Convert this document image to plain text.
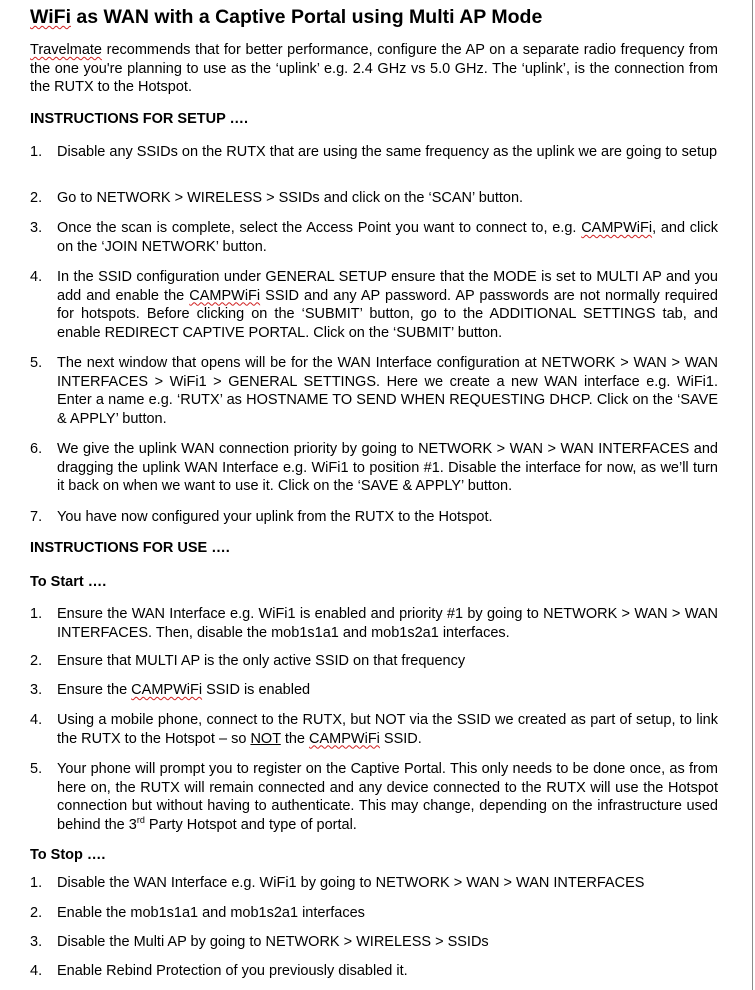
WiFi as WAN with a Captive Portal using Multi AP Mode

Travelmate recommends that for better performance, configure the AP on a separate radio frequency from the one you're planning to use as the ‘uplink’ e.g. 2.4 GHz vs 5.0 GHz. The ‘uplink’, is the connection from the RUTX to the Hotspot.

INSTRUCTIONS FOR SETUP ….
1. Disable any SSIDs on the RUTX that are using the same frequency as the uplink we are going to setup
2. Go to NETWORK > WIRELESS > SSIDs and click on the ‘SCAN’ button.
3. Once the scan is complete, select the Access Point you want to connect to, e.g. CAMPWiFi, and click on the ‘JOIN NETWORK’ button.
4. In the SSID configuration under GENERAL SETUP ensure that the MODE is set to MULTI AP and you add and enable the CAMPWiFi SSID and any AP password. AP passwords are not normally required for hotspots. Before clicking on the ‘SUBMIT’ button, go to the ADDITIONAL SETTINGS tab, and enable REDIRECT CAPTIVE PORTAL. Click on the ‘SUBMIT’ button.
5. The next window that opens will be for the WAN Interface configuration at NETWORK > WAN > WAN INTERFACES > WiFi1 > GENERAL SETTINGS. Here we create a new WAN interface e.g. WiFi1. Enter a name e.g. ‘RUTX’ as HOSTNAME TO SEND WHEN REQUESTING DHCP. Click on the ‘SAVE & APPLY’ button.
6. We give the uplink WAN connection priority by going to NETWORK > WAN > WAN INTERFACES and dragging the uplink WAN Interface e.g. WiFi1 to position #1. Disable the interface for now, as we’ll turn it back on when we want to use it. Click on the ‘SAVE & APPLY’ button.
7. You have now configured your uplink from the RUTX to the Hotspot.
INSTRUCTIONS FOR USE ….
To Start ….
1. Ensure the WAN Interface e.g. WiFi1 is enabled and priority #1 by going to NETWORK > WAN > WAN INTERFACES. Then, disable the mob1s1a1 and mob1s2a1 interfaces.
2. Ensure that MULTI AP is the only active SSID on that frequency
3. Ensure the CAMPWiFi SSID is enabled
4. Using a mobile phone, connect to the RUTX, but NOT via the SSID we created as part of setup, to link the RUTX to the Hotspot – so NOT the CAMPWiFi SSID.
5. Your phone will prompt you to register on the Captive Portal. This only needs to be done once, as from here on, the RUTX will remain connected and any device connected to the RUTX will use the Hotspot connection but without having to authenticate. This may change, depending on the infrastructure used behind the 3rd Party Hotspot and type of portal.
To Stop ….
1. Disable the WAN Interface e.g. WiFi1 by going to NETWORK > WAN > WAN INTERFACES
2. Enable the mob1s1a1 and mob1s2a1 interfaces
3. Disable the Multi AP by going to NETWORK > WIRELESS > SSIDs
4. Enable Rebind Protection of you previously disabled it.
